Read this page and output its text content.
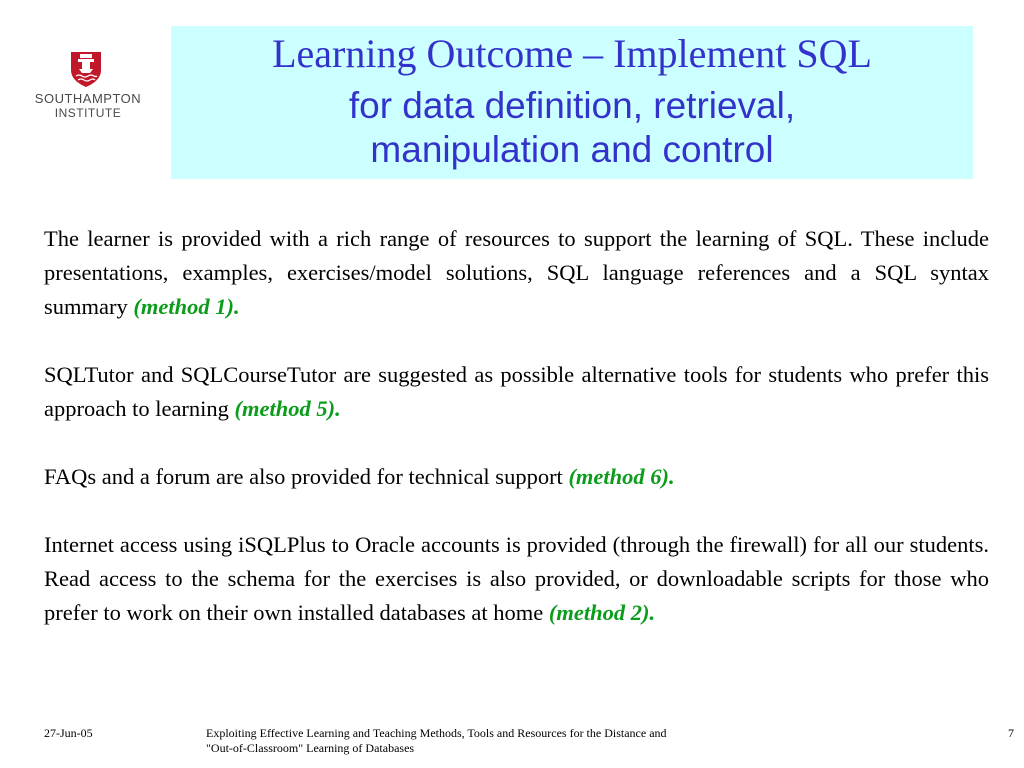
SOUTHAMPTON
INSTITUTE
Learning Outcome – Implement SQL
for data definition, retrieval,
manipulation and control

The learner is provided with a rich range of resources to support the learning of SQL. These include presentations, examples, exercises/model solutions, SQL language references and a SQL syntax summary (method 1).

SQLTutor and SQLCourseTutor are suggested as possible alternative tools for students who prefer this approach to learning (method 5).

FAQs and a forum are also provided for technical support (method 6).

Internet access using iSQLPlus to Oracle accounts is provided (through the firewall) for all our students. Read access to the schema for the exercises is also provided, or downloadable scripts for those who prefer to work on their own installed databases at home (method 2).

27-Jun-05	Exploiting Effective Learning and Teaching Methods, Tools and Resources for the Distance and
"Out-of-Classroom" Learning of Databases
7
